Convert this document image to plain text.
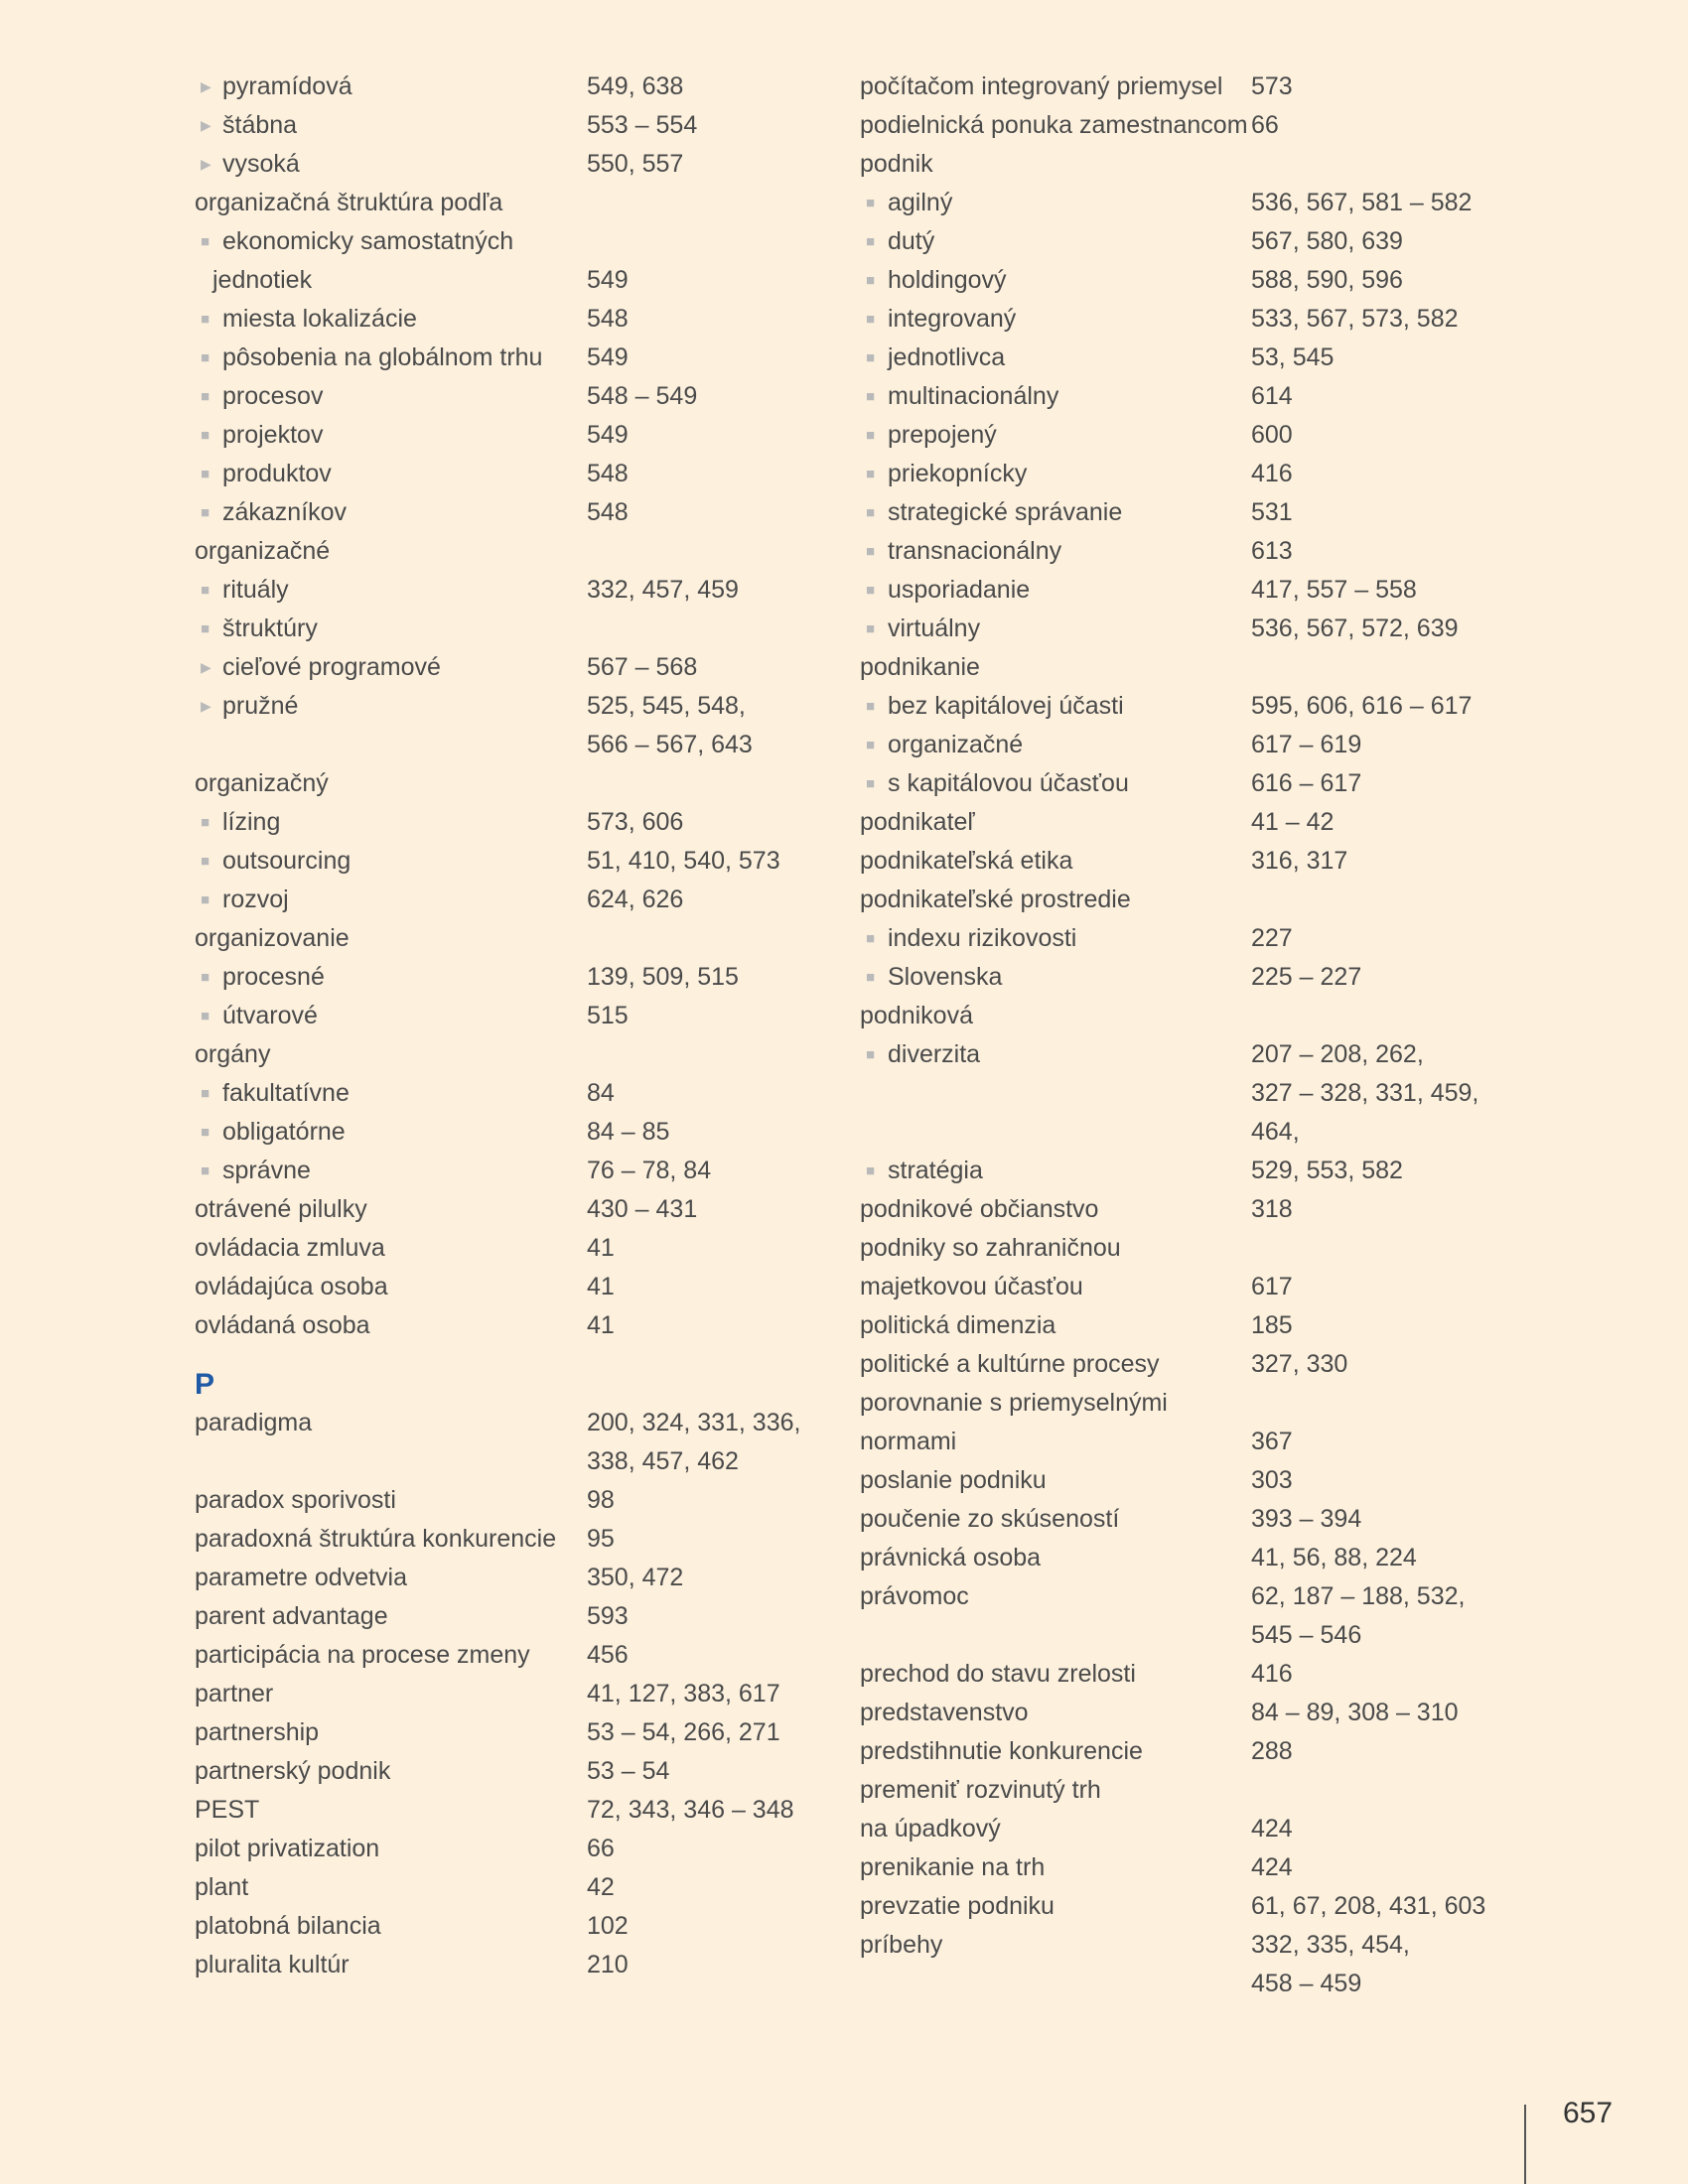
▶pyramídová	549, 638
▶štábna	553 – 554
▶vysoká	550, 557
organizačná štruktúra podľa
■ekonomicky samostatných
jednotiek	549
■miesta lokalizácie	548
■pôsobenia na globálnom trhu 549
■procesov	548 – 549
■projektov	549
■produktov	548
■zákazníkov	548
organizačné
■rituály	332, 457, 459
■štruktúry
▶cieľové programové	567 – 568
▶pružné	525, 545, 548,
566 – 567, 643
organizačný
■lízing	573, 606
■outsourcing	51, 410, 540, 573
■rozvoj	624, 626
organizovanie
■procesné	139, 509, 515
■útvarové	515
orgány
■fakultatívne	84
■obligatórne	84 – 85
■správne	76 – 78, 84
otrávené pilulky	430 – 431
ovládacia zmluva	41
ovládajúca osoba	41
ovládaná osoba	41
P
paradigma	200, 324, 331, 336,
338, 457, 462
paradox sporivosti	98
paradoxná štruktúra konkurencie 95
parametre odvetvia	350, 472
parent advantage	593
participácia na procese zmeny 456
partner	41, 127, 383, 617
partnership	53 – 54, 266, 271
partnerský podnik	53 – 54
PEST	72, 343, 346 – 348
pilot privatization	66
plant	42
platobná bilancia	102
pluralita kultúr	210
počítačom integrovaný priemysel 573
podielnická ponuka zamestnancom 66
podnik
■agilný	536, 567, 581 – 582
■dutý	567, 580, 639
■holdingový	588, 590, 596
■integrovaný	533, 567, 573, 582
■jednotlivca	53, 545
■multinacionálny	614
■prepojený	600
■priekopnícky	416
■strategické správanie	531
■transnacionálny	613
■usporiadanie	417, 557 – 558
■virtuálny	536, 567, 572, 639
podnikanie
■bez kapitálovej účasti	595, 606, 616 – 617
■organizačné	617 – 619
■s kapitálovou účasťou	616 – 617
podnikateľ	41 – 42
podnikateľská etika	316, 317
podnikateľské prostredie
■indexu rizikovosti	227
■Slovenska	225 – 227
podniková
■diverzita	207 – 208, 262,
327 – 328, 331, 459,
464,
■stratégia	529, 553, 582
podnikové občianstvo	318
podniky so zahraničnou
majetkovou účasťou	617
politická dimenzia	185
politické a kultúrne procesy	327, 330
porovnanie s priemyselnými
normami	367
poslanie podniku	303
poučenie zo skúseností	393 – 394
právnická osoba	41, 56, 88, 224
právomoc	62, 187 – 188, 532,
545 – 546
prechod do stavu zrelosti	416
predstavenstvo	84 – 89, 308 – 310
predstihnutie konkurencie	288
premeniť rozvinutý trh
na úpadkový	424
prenikanie na trh	424
prevzatie podniku	61, 67, 208, 431, 603
príbehy	332, 335, 454,
458 – 459
657
